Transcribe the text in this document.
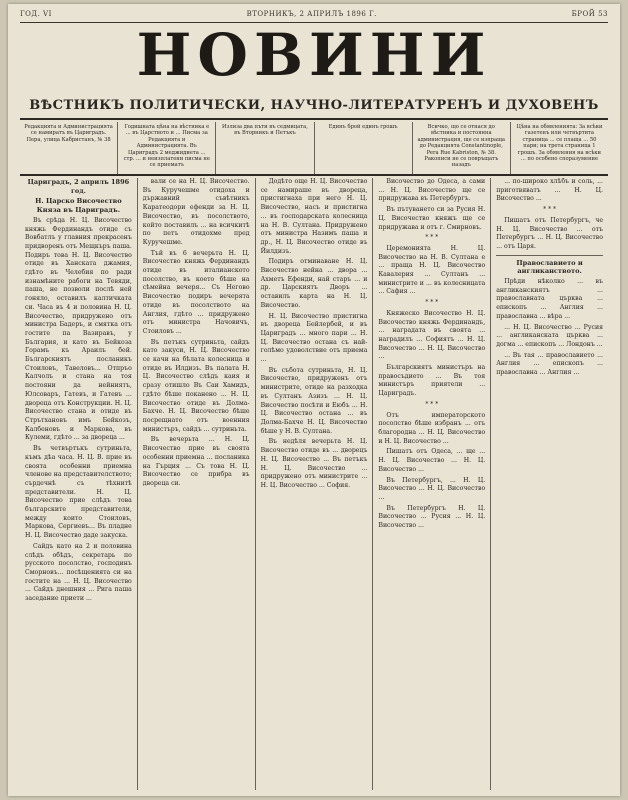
ГОД. VI	ВТОРНИКЪ, 2 АПРИЛЪ 1896 Г.	БРОЙ 53
НОВИНИ
ВѢСТНИКЪ ПОЛИТИЧЕСКИ, НАУЧНО-ЛИТЕРАТУРЕНЪ И ДУХОВЕНЪ
Редакцията и Администрацията се намиратъ въ Цариградъ. Пера, улица Кабристанъ, № 38
Годишната цѣна на вѣстника е ... въ Царството и ... Писма за Редакцията и Администрацията. Въ Цариградъ 2 меджидиета ... стр. ... и неизплатени писма не се приематъ
Излиза два пъти въ седмицата, въ Вторникъ и Петъкъ
Единъ брой единъ грошъ	Всичко, що се отнася до вѣстника и постоянна администрация, ще се изпраща до Редакцията Constantinople, Pera Rue Kabriston, № 38. Ракописи не се повръщатъ назадъ
Цѣна на обявленията: За всѣки газетенъ или четвъртита страница ... се плаща ... 50 пари; на трета страница 1 грошъ. За обявления на всѣки ... по особено споразумение

Цариградъ, 2 априлъ 1896 год.

Н. Царско Височество Княза въ Цариградъ.

Въ срѣда Н. Ц. Височество княжь Фердинандъ отиде съ Вовбатлъ у главния прекрасенъ придворенъ отъ Мещкъръ паша. Подиръ това Н. Ц. Височество отиде въ Ханската джамия, гдѣто въ Челебия по ради изнамѣните рабоги на Тевяди, паша, не позволи послѣ ней гоняло, оставилъ калтичката си. Часа въ 4 и половина Н. Ц. Височество, придружено отъ министра Бадеръ, и смятка отъ гостите па Вазиравъ, у България, и като въ Бейкоза Горамъ къ Араилъ бей. Българскиятъ посланикъ Стоиловъ, Тавеловъ... Отпръо Калчолъ и стана на тоя постояни да нейниятъ, Юлсоваръ, Гатевъ, и Гатевъ ... двореца отъ Конструкции. Н. Ц. Височество стана и отиде въ Стрътхановъ имъ Бейкозъ, Калбеновъ и Маркова, въ Кулеми, гдѣто ... за двореца ...

Въ четвъртъкъ сутриньта, къмъ дѣа часа. Н. Ц. В. прие въ своята особенни приемна членове на представителството; сърдечнѣ съ тѣхнитѣ представители. Н. Ц. Височество прие слѣдъ това българските представители, между които Стоиловъ, Маркова, Сергиевъ... Въ пладне Н. Ц. Височество даде закуска.

Сайдъ като на 2 и половина слѣдъ обѣдъ, секретарь по русското посолство, господинъ Сморновъ... посѣщенията си на гостите на ... Н. Ц. Височество ... Сайдъ днешния ... Рига паша заседание приети ...

вали се на Н. Ц. Височество. Въ Куручешме отидоха и държавний съвѣтникъ Каратеодори ефенди за Н. Ц. Височество, въ посолството, който поставилъ ... на всичкитѣ по петъ отидохме пред Куручешме.

Тъй въ 6 вечерьта Н. Ц. Височество княжь Фердинандъ отиде въ италианското посолство, въ което бѣше на сѣмейна вечеря... Съ Негово Височество подиръ вечерята отиде въ посолството на Англия, гдѣто ... придружено отъ министра Начовичъ, Стоиловъ ...

Въ петъкъ сутриньта, сайдъ като закуси, Н. Ц. Височество се качи на бѣлата колесница и отиде въ Илдизъ. Въ палата Н. Ц. Височество слѣдъ каия и сразу отишло Въ Саи Хамидъ, гдѣто бѣше поканено ... Н. Ц. Височество отиде въ Долма-Бахче. Н. Ц. Височество бѣше посрещнато отъ военния министъръ, сайдъ ... сутриньта.

Въ вечерьта ... Н. Ц. Височество прие въ своята особенни приемна ... посланика на Гърция ... Съ това Н. Ц. Височество се прибра въ двореца си.

Додѣто още Н. Ц. Височество се намираше въ двореца, пристигнаха при него Н. Ц. Височество, насъ и пристигна ... въ господарската колесница на Н. В. Султана. Придружено отъ министра Назимъ паша и др., Н. Ц. Височество отиде въ Йилдизъ.

Подиръ отминаване Н. Ц. Височество нейна ... двора ... Ахметъ Ефенди, най старъ ... и др. Царскиятъ Дворъ ... оставилъ карта на Н. Ц. Височество.

Н. Ц. Височество пристигна въ двореца Бейлербей, и въ Цариградъ ... много пари ... Н. Ц. Височество остана съ най-голѣмо удоволствие отъ приема ...

Въ събота сутриньта, Н. Ц. Височество, придруженъ отъ министрите, отиде на разходка въ Султанъ Азизъ ... Н. Ц. Височество посѣти и Еюбъ ... Н. Ц. Височество остана ... въ Долма-Бахче Н. Ц. Височество бѣше у Н. В. Султана.

Въ недѣля вечерьта Н. Ц. Височество отиде въ ... дворецъ Н. Ц. Височество ... Въ петъкъ Н. Ц. Височество ... придружено отъ министрите ... Н. Ц. Височество ... София.

Височество до Одеса, а сами ... Н. Ц. Височество ще се придружава въ Петербургъ.

Въ пътуването си за Русия Н. Ц. Височество княжъ ще се придружава и отъ г. Смирновъ.

* * *

Церемонията Н. Ц. Височество на Н. В. Султана е ... праща Н. Ц. Височество Кавалерия ... Султанъ ... министрите и ... въ колесницата ... Сафия ...

* * *

Княжеско Височество Н. Ц. Височество княжь Фердинандъ, ... наградата въ своята ... наградилъ ... Софиятъ ... Н. Ц. Височество ... Н. Ц. Височество ...

Българскиятъ министъръ на правосъдието ... Въ тоя министъръ приятели ... Цариградъ.

* * *

Отъ императорското посолство бѣше избранъ ... отъ благородна ... Н. Ц. Височество и Н. Ц. Височество ...

Пишатъ отъ Одеса, ... ще ... Н. Ц. Височество ... Н. Ц. Височество ...

Въ Петербургъ, ... Н. Ц. Височество ... Н. Ц. Височество ...

Въ Петербургъ Н. Ц. Височество ... Русия ... Н. Ц. Височество ...

... по-широко хлѣбъ и соль, ... приготвяватъ ... Н. Ц. Височество ...

* * *

Пишатъ отъ Петербургъ, че Н. Ц. Височество ... отъ Петербургъ ... Н. Ц. Височество ... отъ Царя.

Православието и англиканството.

Прѣди нѣколко ... въ англиканскиятъ ... православната църква ... епископъ ... Англия ... православна ... вѣра ...

... Н. Ц. Височество ... Русия ... англиканската църква ... догма ... епископъ ... Лондонъ ...

... Въ тая ... православието ... Англия ... епископъ ... православна ... Англия ...
